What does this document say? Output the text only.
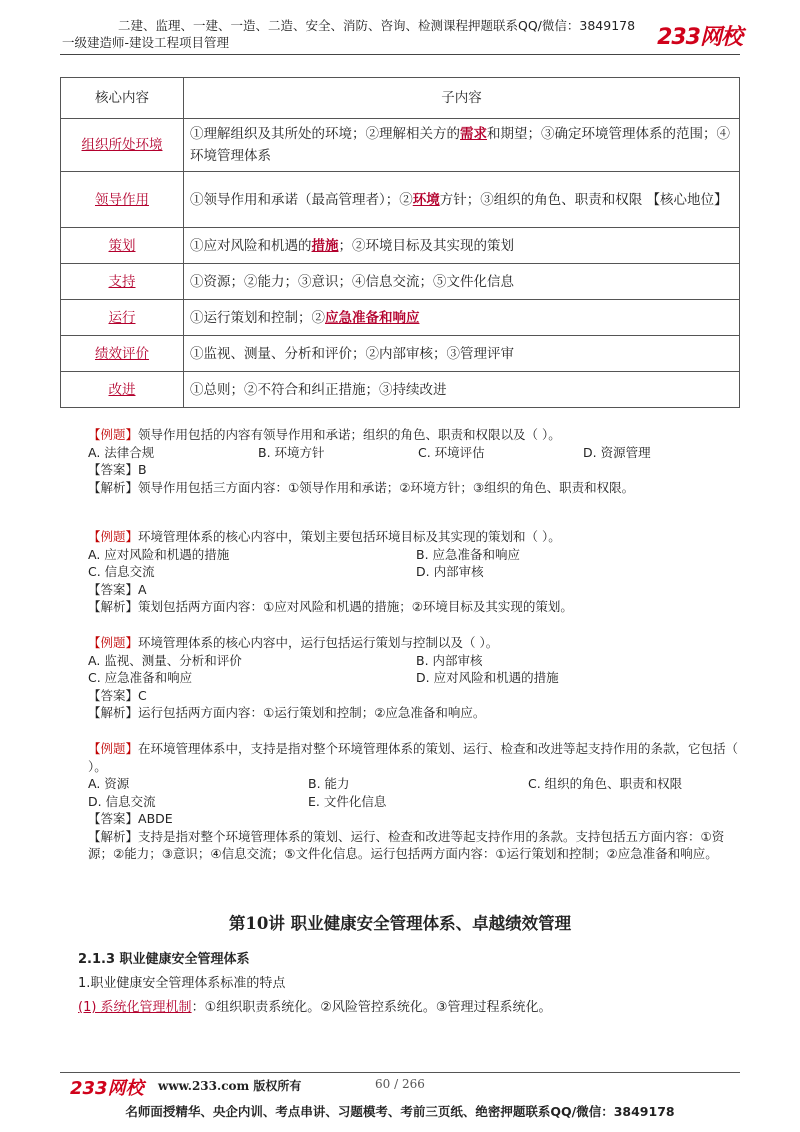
二建、监理、一建、一造、二造、安全、消防、咨询、检测课程押题联系QQ/微信：3849178
一级建造师-建设工程项目管理	233网校
核心内容	子内容
组织所处环境	①理解组织及其所处的环境；②理解相关方的需求和期望；③确定环境管理体系的范围；④环境管理体系
领导作用	①领导作用和承诺（最高管理者）；②环境方针；③组织的角色、职责和权限 【核心地位】
策划	①应对风险和机遇的措施；②环境目标及其实现的策划
支持	①资源；②能力；③意识；④信息交流；⑤文件化信息
运行	①运行策划和控制；②应急准备和响应
绩效评价	①监视、测量、分析和评价；②内部审核；③管理评审
改进	①总则；②不符合和纠正措施；③持续改进
【例题】领导作用包括的内容有领导作用和承诺；组织的角色、职责和权限以及（ ）。
A. 法律合规	B. 环境方针	C. 环境评估	D. 资源管理
【答案】B
【解析】领导作用包括三方面内容：①领导作用和承诺；②环境方针；③组织的角色、职责和权限。
【例题】环境管理体系的核心内容中，策划主要包括环境目标及其实现的策划和（ ）。
A. 应对风险和机遇的措施	B. 应急准备和响应
C. 信息交流	D. 内部审核
【答案】A
【解析】策划包括两方面内容：①应对风险和机遇的措施；②环境目标及其实现的策划。
【例题】环境管理体系的核心内容中，运行包括运行策划与控制以及（ ）。
A. 监视、测量、分析和评价	B. 内部审核
C. 应急准备和响应	D. 应对风险和机遇的措施
【答案】C
【解析】运行包括两方面内容：①运行策划和控制；②应急准备和响应。
【例题】在环境管理体系中，支持是指对整个环境管理体系的策划、运行、检查和改进等起支持作用的条款，它包括（ ）。
A. 资源	B. 能力	C. 组织的角色、职责和权限
D. 信息交流	E. 文件化信息
【答案】ABDE
【解析】支持是指对整个环境管理体系的策划、运行、检查和改进等起支持作用的条款。支持包括五方面内容：①资源；②能力；③意识；④信息交流；⑤文件化信息。运行包括两方面内容：①运行策划和控制；②应急准备和响应。
第10讲 职业健康安全管理体系、卓越绩效管理
2.1.3 职业健康安全管理体系
1.职业健康安全管理体系标准的特点
(1) 系统化管理机制：①组织职责系统化。②风险管控系统化。③管理过程系统化。
233网校 www.233.com 版权所有	60 / 266
名师面授精华、央企内训、考点串讲、习题模考、考前三页纸、绝密押题联系QQ/微信：3849178
